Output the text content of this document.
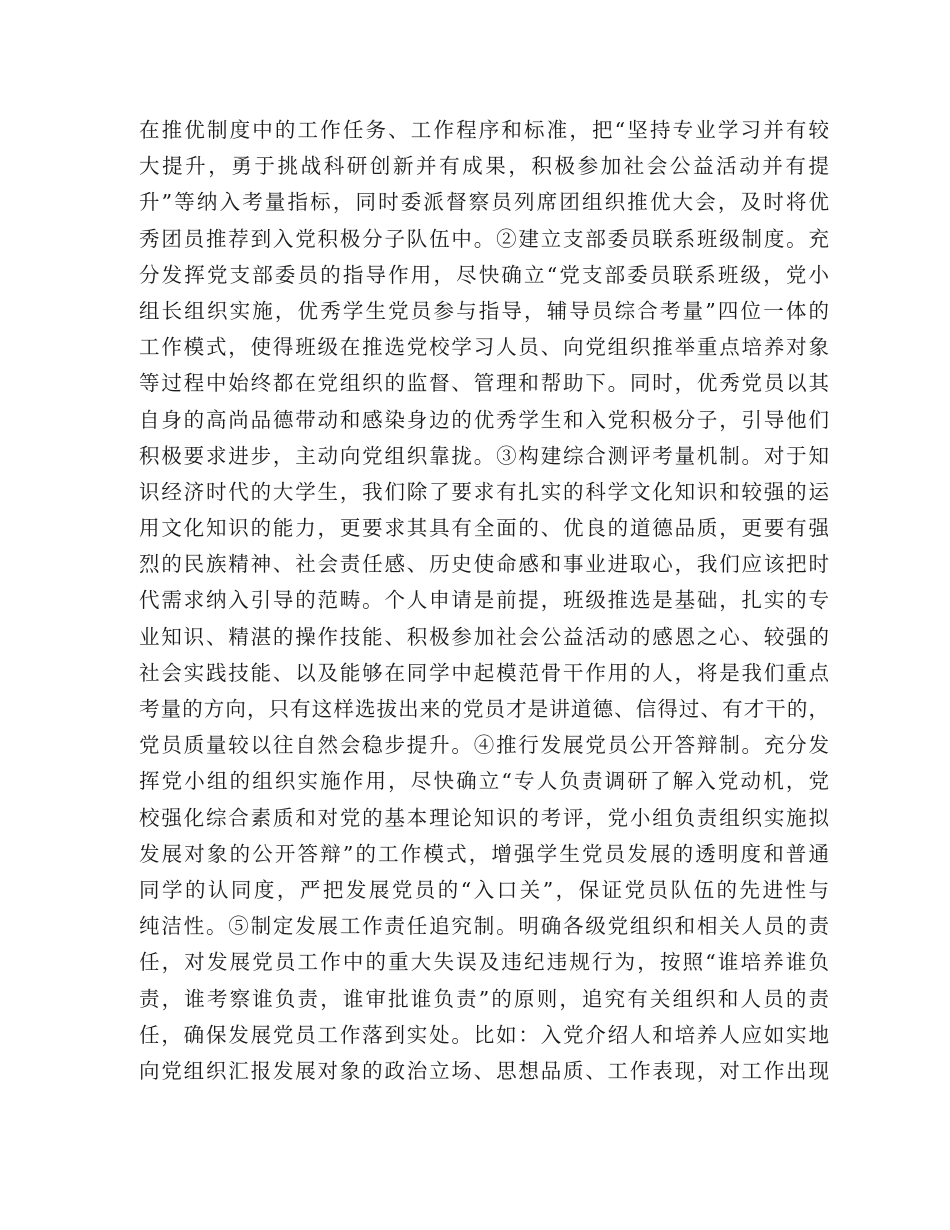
在推优制度中的工作任务、工作程序和标准，把“坚持专业学习并有较
大提升，勇于挑战科研创新并有成果，积极参加社会公益活动并有提
升”等纳入考量指标，同时委派督察员列席团组织推优大会，及时将优
秀团员推荐到入党积极分子队伍中。②建立支部委员联系班级制度。充
分发挥党支部委员的指导作用，尽快确立“党支部委员联系班级，党小
组长组织实施，优秀学生党员参与指导，辅导员综合考量”四位一体的
工作模式，使得班级在推选党校学习人员、向党组织推举重点培养对象
等过程中始终都在党组织的监督、管理和帮助下。同时，优秀党员以其
自身的高尚品德带动和感染身边的优秀学生和入党积极分子，引导他们
积极要求进步，主动向党组织靠拢。③构建综合测评考量机制。对于知
识经济时代的大学生，我们除了要求有扎实的科学文化知识和较强的运
用文化知识的能力，更要求其具有全面的、优良的道德品质，更要有强
烈的民族精神、社会责任感、历史使命感和事业进取心，我们应该把时
代需求纳入引导的范畴。个人申请是前提，班级推选是基础，扎实的专
业知识、精湛的操作技能、积极参加社会公益活动的感恩之心、较强的
社会实践技能、以及能够在同学中起模范骨干作用的人，将是我们重点
考量的方向，只有这样选拔出来的党员才是讲道德、信得过、有才干的，
党员质量较以往自然会稳步提升。④推行发展党员公开答辩制。充分发
挥党小组的组织实施作用，尽快确立“专人负责调研了解入党动机，党
校强化综合素质和对党的基本理论知识的考评，党小组负责组织实施拟
发展对象的公开答辩”的工作模式，增强学生党员发展的透明度和普通
同学的认同度，严把发展党员的“入口关”，保证党员队伍的先进性与
纯洁性。⑤制定发展工作责任追究制。明确各级党组织和相关人员的责
任，对发展党员工作中的重大失误及违纪违规行为，按照“谁培养谁负
责，谁考察谁负责，谁审批谁负责”的原则，追究有关组织和人员的责
任，确保发展党员工作落到实处。比如：入党介绍人和培养人应如实地
向党组织汇报发展对象的政治立场、思想品质、工作表现，对工作出现
